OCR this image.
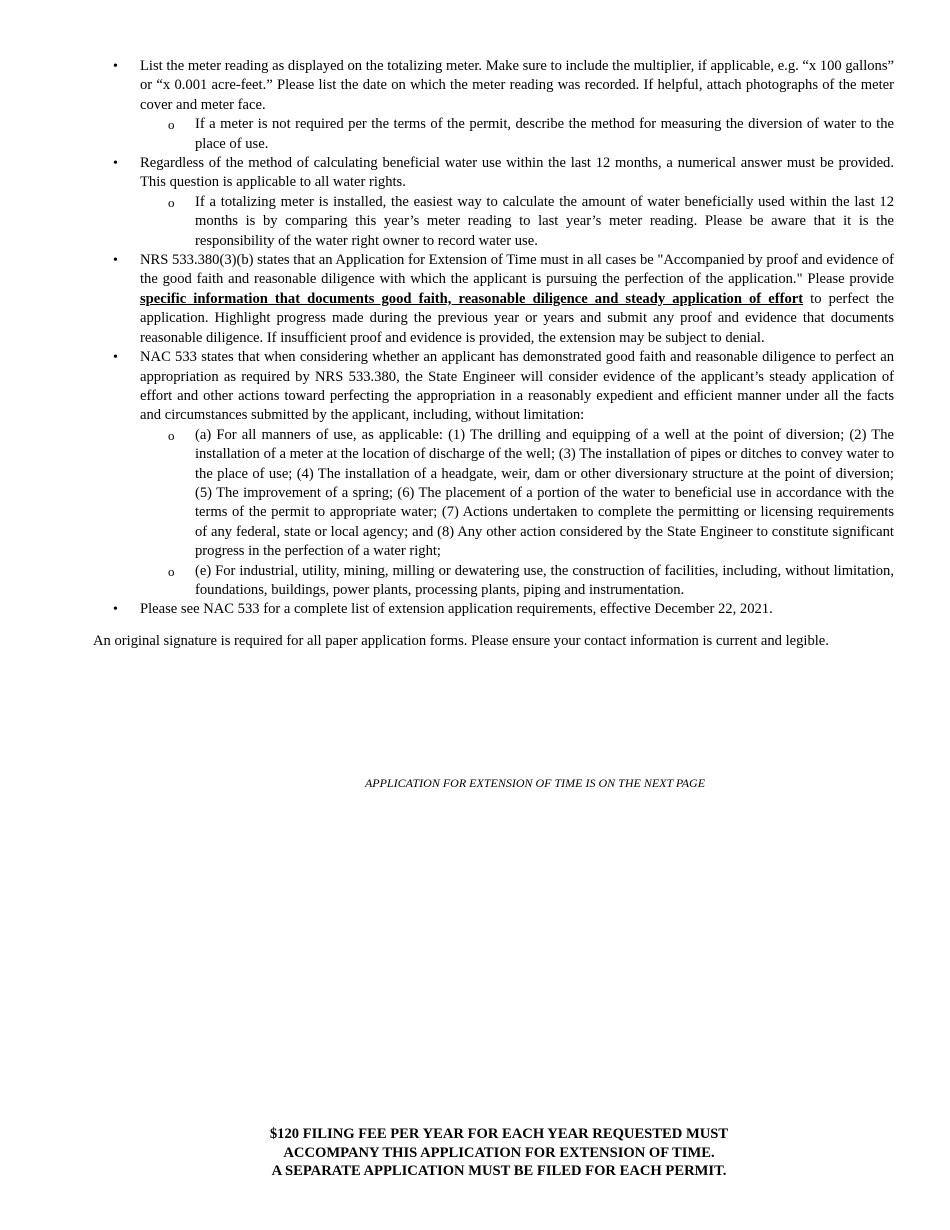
• List the meter reading as displayed on the totalizing meter. Make sure to include the multiplier, if applicable, e.g. “x 100 gallons” or “x 0.001 acre-feet.” Please list the date on which the meter reading was recorded. If helpful, attach photographs of the meter cover and meter face.
o If a meter is not required per the terms of the permit, describe the method for measuring the diversion of water to the place of use.
• Regardless of the method of calculating beneficial water use within the last 12 months, a numerical answer must be provided. This question is applicable to all water rights.
o If a totalizing meter is installed, the easiest way to calculate the amount of water beneficially used within the last 12 months is by comparing this year’s meter reading to last year’s meter reading. Please be aware that it is the responsibility of the water right owner to record water use.
• NRS 533.380(3)(b) states that an Application for Extension of Time must in all cases be "Accompanied by proof and evidence of the good faith and reasonable diligence with which the applicant is pursuing the perfection of the application." Please provide specific information that documents good faith, reasonable diligence and steady application of effort to perfect the application. Highlight progress made during the previous year or years and submit any proof and evidence that documents reasonable diligence. If insufficient proof and evidence is provided, the extension may be subject to denial.
• NAC 533 states that when considering whether an applicant has demonstrated good faith and reasonable diligence to perfect an appropriation as required by NRS 533.380, the State Engineer will consider evidence of the applicant’s steady application of effort and other actions toward perfecting the appropriation in a reasonably expedient and efficient manner under all the facts and circumstances submitted by the applicant, including, without limitation:
o (a) For all manners of use, as applicable: (1) The drilling and equipping of a well at the point of diversion; (2) The installation of a meter at the location of discharge of the well; (3) The installation of pipes or ditches to convey water to the place of use; (4) The installation of a headgate, weir, dam or other diversionary structure at the point of diversion; (5) The improvement of a spring; (6) The placement of a portion of the water to beneficial use in accordance with the terms of the permit to appropriate water; (7) Actions undertaken to complete the permitting or licensing requirements of any federal, state or local agency; and (8) Any other action considered by the State Engineer to constitute significant progress in the perfection of a water right;
o (e) For industrial, utility, mining, milling or dewatering use, the construction of facilities, including, without limitation, foundations, buildings, power plants, processing plants, piping and instrumentation.
• Please see NAC 533 for a complete list of extension application requirements, effective December 22, 2021.
An original signature is required for all paper application forms. Please ensure your contact information is current and legible.
APPLICATION FOR EXTENSION OF TIME IS ON THE NEXT PAGE
$120 FILING FEE PER YEAR FOR EACH YEAR REQUESTED MUST
ACCOMPANY THIS APPLICATION FOR EXTENSION OF TIME.
A SEPARATE APPLICATION MUST BE FILED FOR EACH PERMIT.
